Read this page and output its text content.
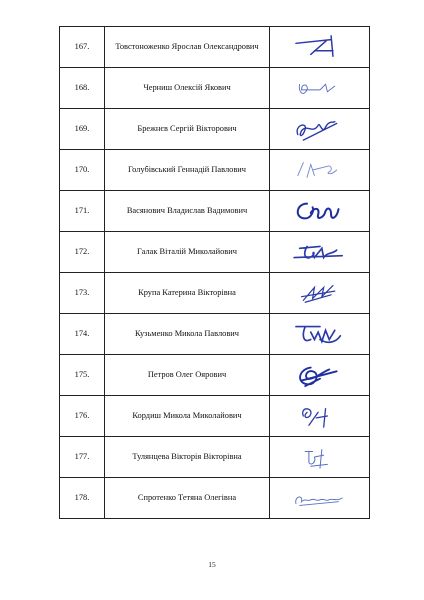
167.	Товстоноженко Ярослав Олександрович	

168.	Черниш Олексій Якович	

169.	Брежнєв Сергій Вікторович	

170.	Голубівський Геннадій Павлович	

171.	Васянович Владислав Вадимович	

172.	Галак Віталій Миколайович	

173.	Крупа Катерина Вікторівна	

174.	Кузьменко Микола Павлович	

175.	Петров Олег Оярович	

176.	Кордиш Микола Миколайович	

177.	Тулянцева Вікторія Вікторівна	

178.	Спротенко Тетяна Олегівна	
15
